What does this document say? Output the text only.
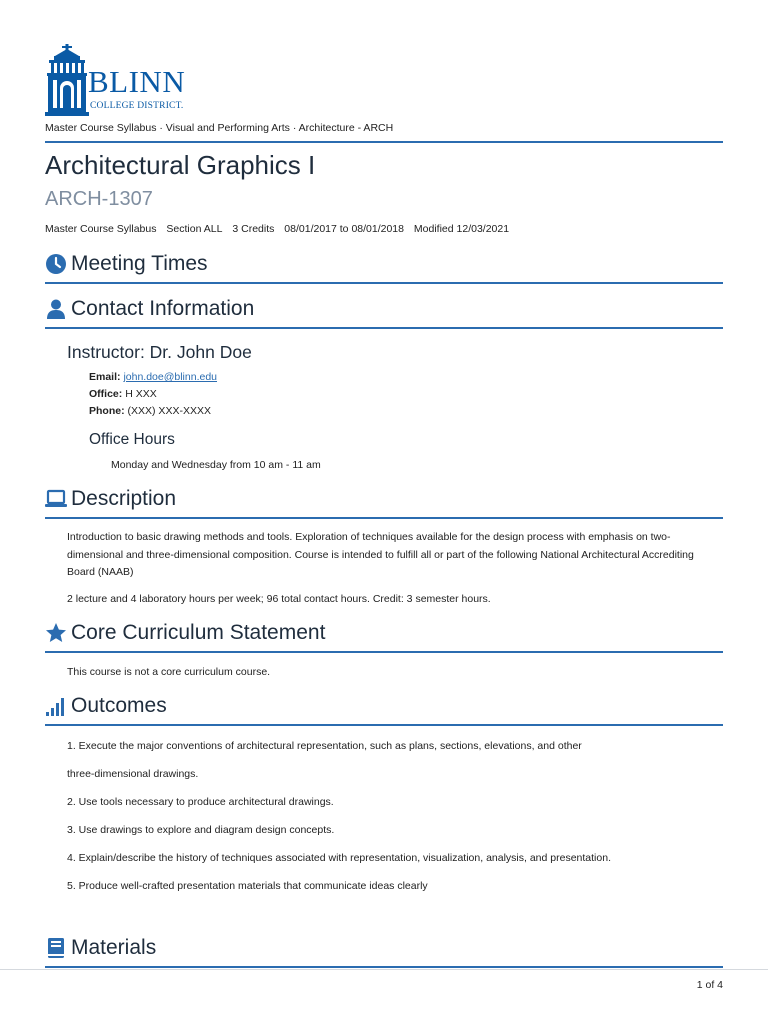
BLINN
COLLEGE DISTRICT.
Master Course Syllabus · Visual and Performing Arts · Architecture - ARCH
Architectural Graphics I
ARCH-1307
Master Course Syllabus Section ALL 3 Credits 08/01/2017 to 08/01/2018 Modified 12/03/2021
Meeting Times
Contact Information
Instructor: Dr. John Doe
Email: john.doe@blinn.edu
Office: H XXX
Phone: (XXX) XXX-XXXX
Office Hours
Monday and Wednesday from 10 am - 11 am
Description
Introduction to basic drawing methods and tools. Exploration of techniques available for the design process with emphasis on two-dimensional and three-dimensional composition. Course is intended to fulfill all or part of the following National Architectural Accrediting Board (NAAB)
2 lecture and 4 laboratory hours per week; 96 total contact hours. Credit: 3 semester hours.
Core Curriculum Statement
This course is not a core curriculum course.
Outcomes
1. Execute the major conventions of architectural representation, such as plans, sections, elevations, and other
three-dimensional drawings.
2. Use tools necessary to produce architectural drawings.
3. Use drawings to explore and diagram design concepts.
4. Explain/describe the history of techniques associated with representation, visualization, analysis, and presentation.
5. Produce well-crafted presentation materials that communicate ideas clearly
Materials
1 of 4
